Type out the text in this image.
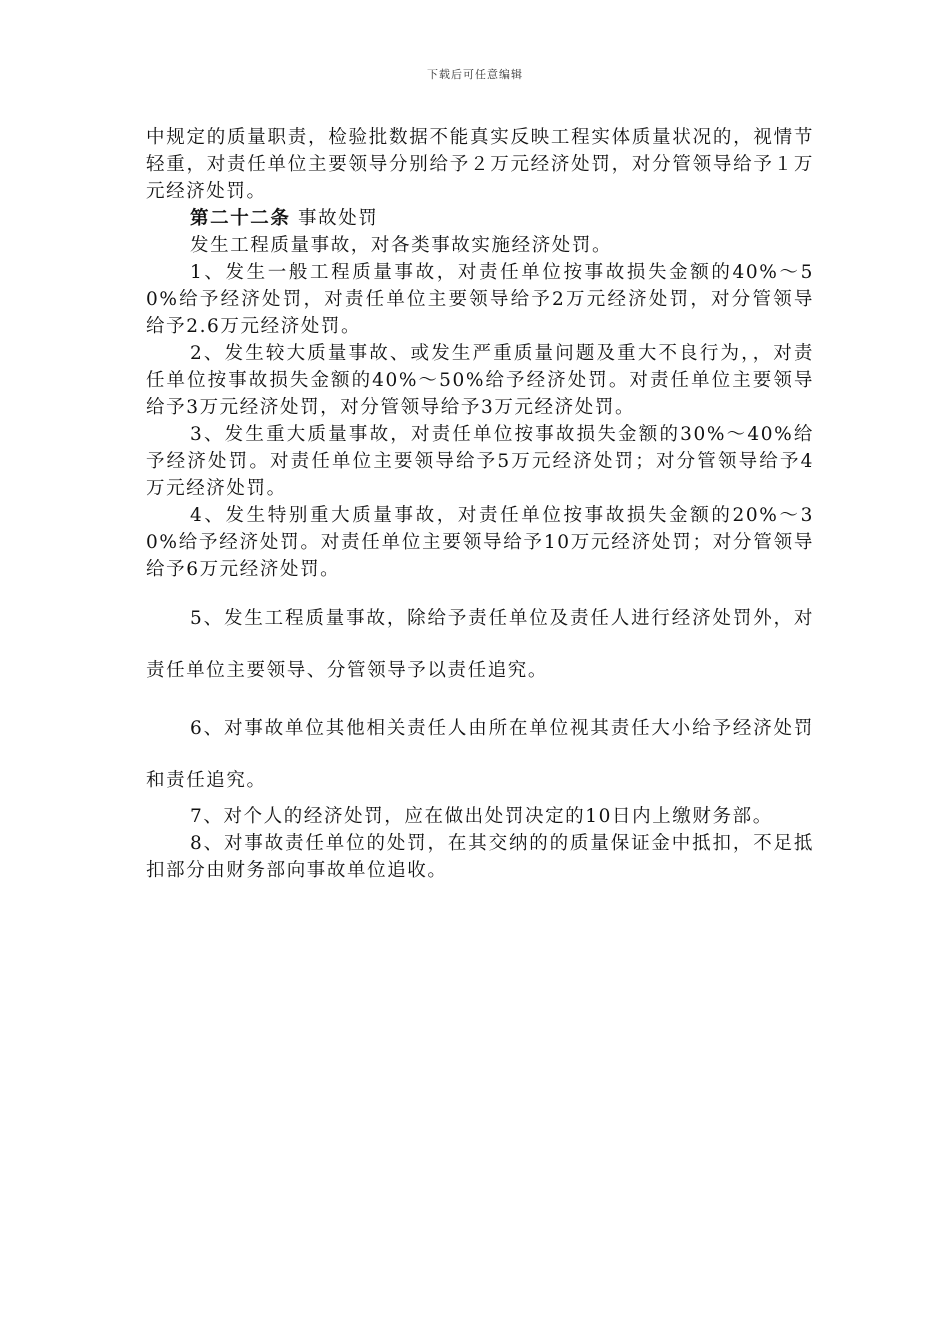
下载后可任意编辑

中规定的质量职责，检验批数据不能真实反映工程实体质量状况的，视情节轻重，对责任单位主要领导分别给予２万元经济处罚，对分管领导给予１万元经济处罚。

第二十二条 事故处罚

发生工程质量事故，对各类事故实施经济处罚。

1、发生一般工程质量事故，对责任单位按事故损失金额的40%～50%给予经济处罚，对责任单位主要领导给予2万元经济处罚，对分管领导给予2.6万元经济处罚。

2、发生较大质量事故、或发生严重质量问题及重大不良行为，，对责任单位按事故损失金额的40%～50%给予经济处罚。对责任单位主要领导给予3万元经济处罚，对分管领导给予3万元经济处罚。

3、发生重大质量事故，对责任单位按事故损失金额的30%～40%给予经济处罚。对责任单位主要领导给予5万元经济处罚；对分管领导给予4万元经济处罚。

4、发生特别重大质量事故，对责任单位按事故损失金额的20%～30%给予经济处罚。对责任单位主要领导给予10万元经济处罚；对分管领导给予6万元经济处罚。

5、发生工程质量事故，除给予责任单位及责任人进行经济处罚外，对责任单位主要领导、分管领导予以责任追究。

6、对事故单位其他相关责任人由所在单位视其责任大小给予经济处罚和责任追究。

7、对个人的经济处罚，应在做出处罚决定的10日内上缴财务部。

8、对事故责任单位的处罚，在其交纳的的质量保证金中抵扣，不足抵扣部分由财务部向事故单位追收。
